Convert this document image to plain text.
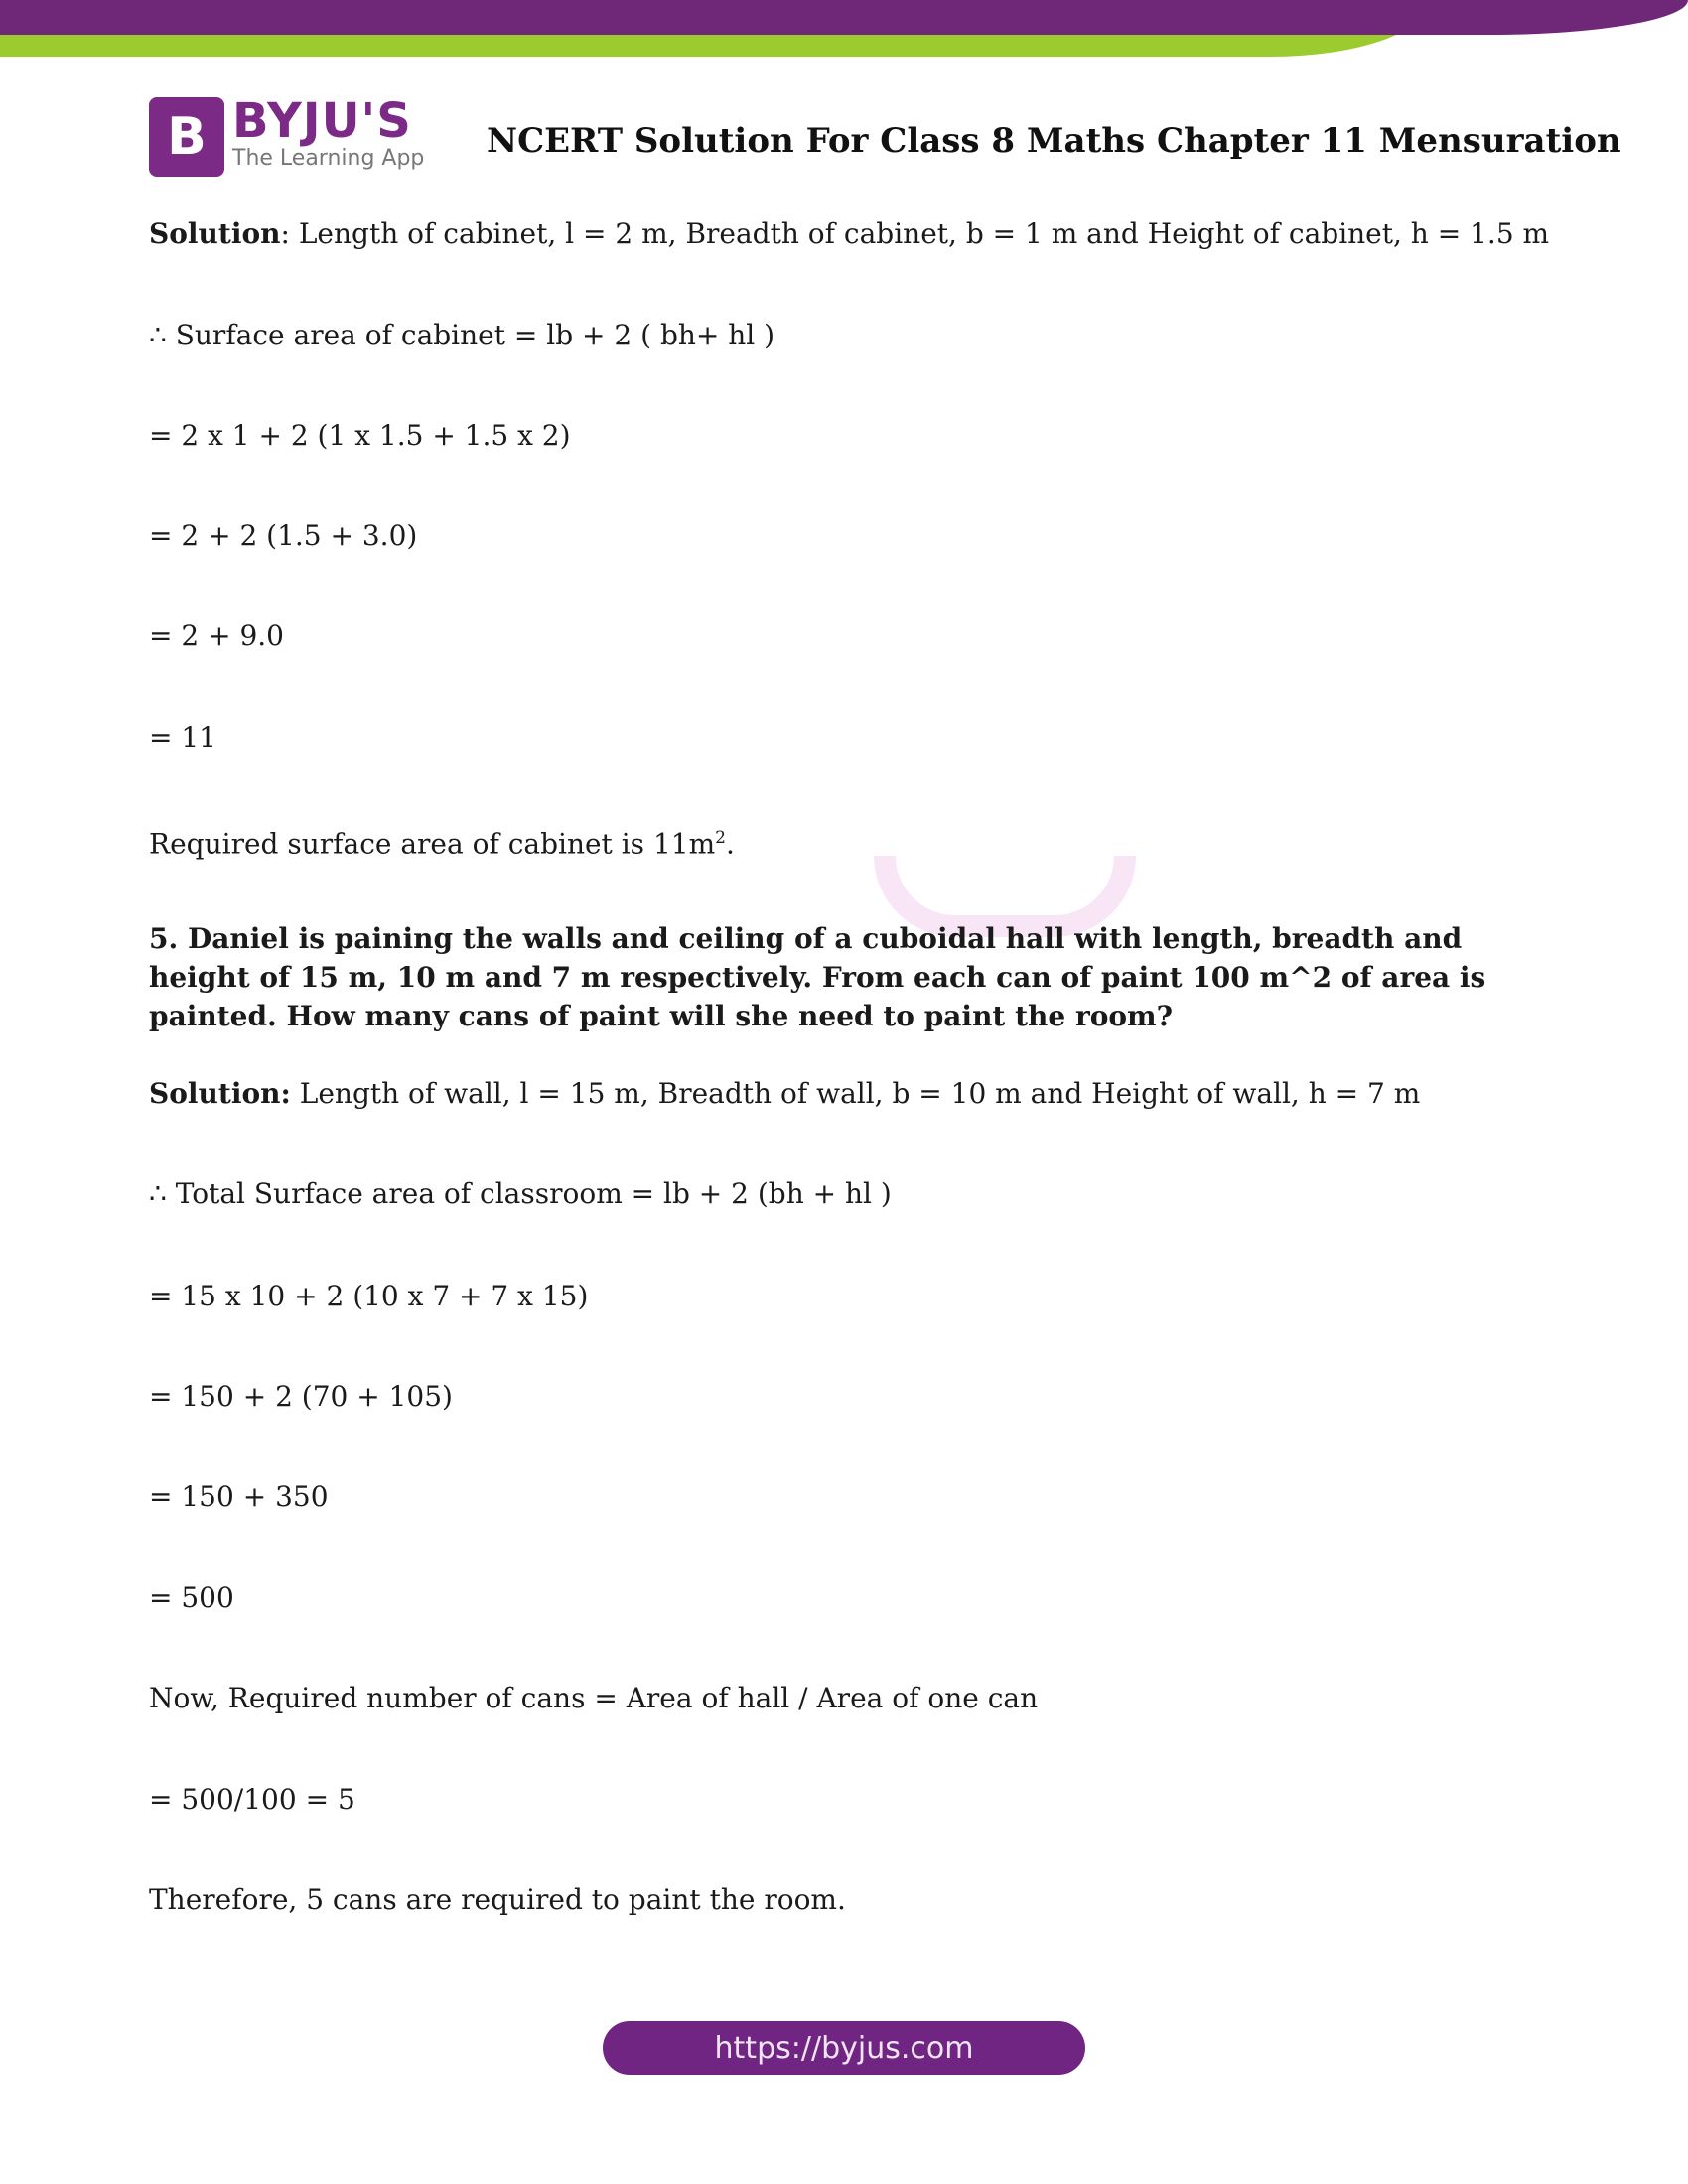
B BYJU'S
The Learning App NCERT Solution For Class 8 Maths Chapter 11 Mensuration
Solution: Length of cabinet, l = 2 m, Breadth of cabinet, b = 1 m and Height of cabinet, h = 1.5 m
∴ Surface area of cabinet = lb + 2 ( bh+ hl )
= 2 x 1 + 2 (1 x 1.5 + 1.5 x 2)
= 2 + 2 (1.5 + 3.0)
= 2 + 9.0
= 11
Required surface area of cabinet is $11m^2$.
5. Daniel is paining the walls and ceiling of a cuboidal hall with length, breadth and height of 15 m, 10 m and 7 m respectively. From each can of paint 100 m^2 of area is painted. How many cans of paint will she need to paint the room?
Solution: Length of wall, l = 15 m, Breadth of wall, b = 10 m and Height of wall, h = 7 m
∴ Total Surface area of classroom = lb + 2 (bh + hl )
= 15 x 10 + 2 (10 x 7 + 7 x 15)
= 150 + 2 (70 + 105)
= 150 + 350
= 500
Now, Required number of cans = Area of hall / Area of one can
= 500/100 = 5
Therefore, 5 cans are required to paint the room.
https://byjus.com
